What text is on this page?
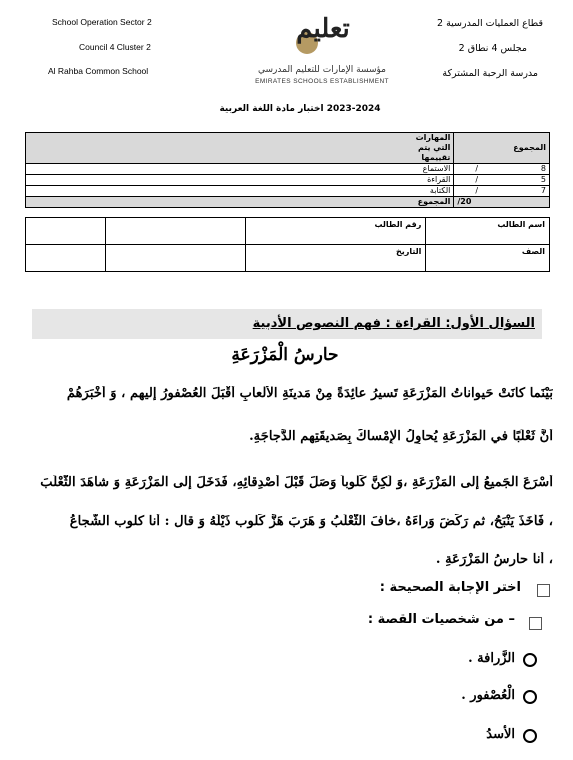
School Operation Sector 2
Council 4 Cluster 2
Al Rahba Common School
قطاع العمليات المدرسية 2
مجلس 4 نطاق 2
مدرسة الرحبة المشتركة
تعليم
مؤسسة الإمارات للتعليم المدرسي
EMIRATES SCHOOLS ESTABLISHMENT
2023-2024 اختبار مادة اللغة العربية
	المهارات التي يتم تقييمها	المجموع
الاستماع		8
/

القراءة		5
/

الكتابة		7
/

المجموع		/20
		رقم الطالب	اسم الطالب
		التاريخ	الصف
السؤال الأول: القراءة : فهم النصوص الأدبية
حارسُ الْمَزْرَعَةِ
بَيْنَما كانَتْ حَيواناتُ الْمَزْرَعَةِ تَسيرُ عائِدَةً مِنْ مَدينَةِ الْأَلْعابِ أَقْبَلَ الْعُصْفورُ إليهِم ، وَ أَخْبَرَهُمْ
أَنَّ ثَعْلَبًا في الْمَزْرَعَةِ يُحاوِلُ الْإِمْساكَ بِصَديقَتِهِم الدَّجاجَةِ.
أَسْرَعَ الْجَميعُ إلى الْمَزْرَعَةِ ،وَ لَكِنَّ كَلْوباً وَصَلَ قَبْلَ أَصْدِقائِهِ، فَدَخَلَ إلى الْمَزْرَعَةِ وَ شاهَدَ الثَّعْلَبَ
، فَأَخَذَ يَنْبَحُ، ثم رَكَضَ وَراءَهُ ،خافَ الثَّعْلَبُ وَ هَرَبَ هَزَّ كَلوب ذَيْلَهُ وَ قال : أنا كلوب الشُّجاعُ
، أنا حارسُ الْمَزْرَعَةِ .
اختر الإجابة الصحيحة :
– من شخصيات القصة :
الزَّرافة .
الْعُصْفور .
الأسدُ
